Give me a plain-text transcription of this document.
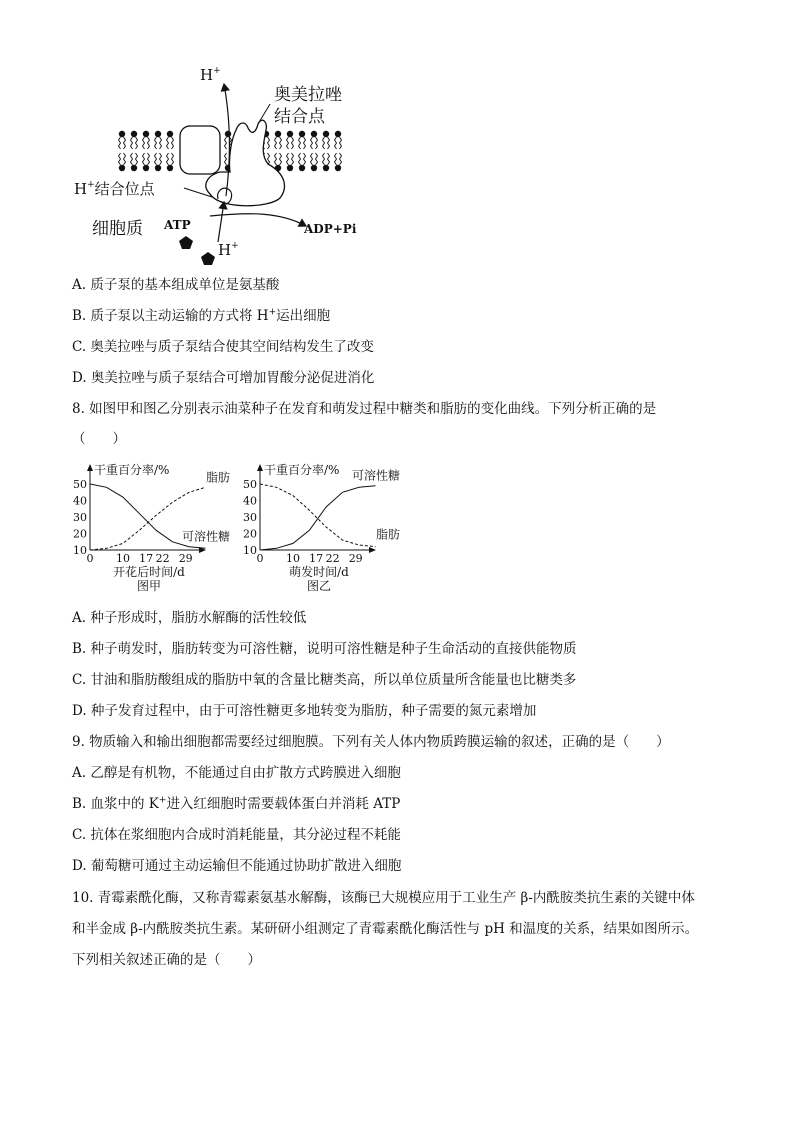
H+
奥美拉唑
结合点
H+结合位点
细胞质 ATP	ADP+Pi
H+
A. 质子泵的基本组成单位是氨基酸
B. 质子泵以主动运输的方式将 H+运出细胞
C. 奥美拉唑与质子泵结合使其空间结构发生了改变
D. 奥美拉唑与质子泵结合可增加胃酸分泌促进消化
8. 如图甲和图乙分别表示油菜种子在发育和萌发过程中糖类和脂肪的变化曲线。下列分析正确的是
（　　）
干重百分率/%
10
20
30
40
50
0 10 17 22 29
开花后时间/d
图甲
脂肪
可溶性糖
干重百分率/%
10
20
30
40
50
0 10 17 22 29
萌发时间/d
图乙
可溶性糖
脂肪
A. 种子形成时，脂肪水解酶的活性较低
B. 种子萌发时，脂肪转变为可溶性糖，说明可溶性糖是种子生命活动的直接供能物质
C. 甘油和脂肪酸组成的脂肪中氧的含量比糖类高，所以单位质量所含能量也比糖类多
D. 种子发育过程中，由于可溶性糖更多地转变为脂肪，种子需要的氮元素增加
9. 物质输入和输出细胞都需要经过细胞膜。下列有关人体内物质跨膜运输的叙述，正确的是（　　）
A. 乙醇是有机物，不能通过自由扩散方式跨膜进入细胞
B. 血浆中的 K+进入红细胞时需要载体蛋白并消耗 ATP
C. 抗体在浆细胞内合成时消耗能量，其分泌过程不耗能
D. 葡萄糖可通过主动运输但不能通过协助扩散进入细胞
10. 青霉素酰化酶，又称青霉素氨基水解酶，该酶已大规模应用于工业生产 β-内酰胺类抗生素的关键中体
和半金成 β-内酰胺类抗生素。某研研小组测定了青霉素酰化酶活性与 pH 和温度的关系，结果如图所示。
下列相关叙述正确的是（　　）
